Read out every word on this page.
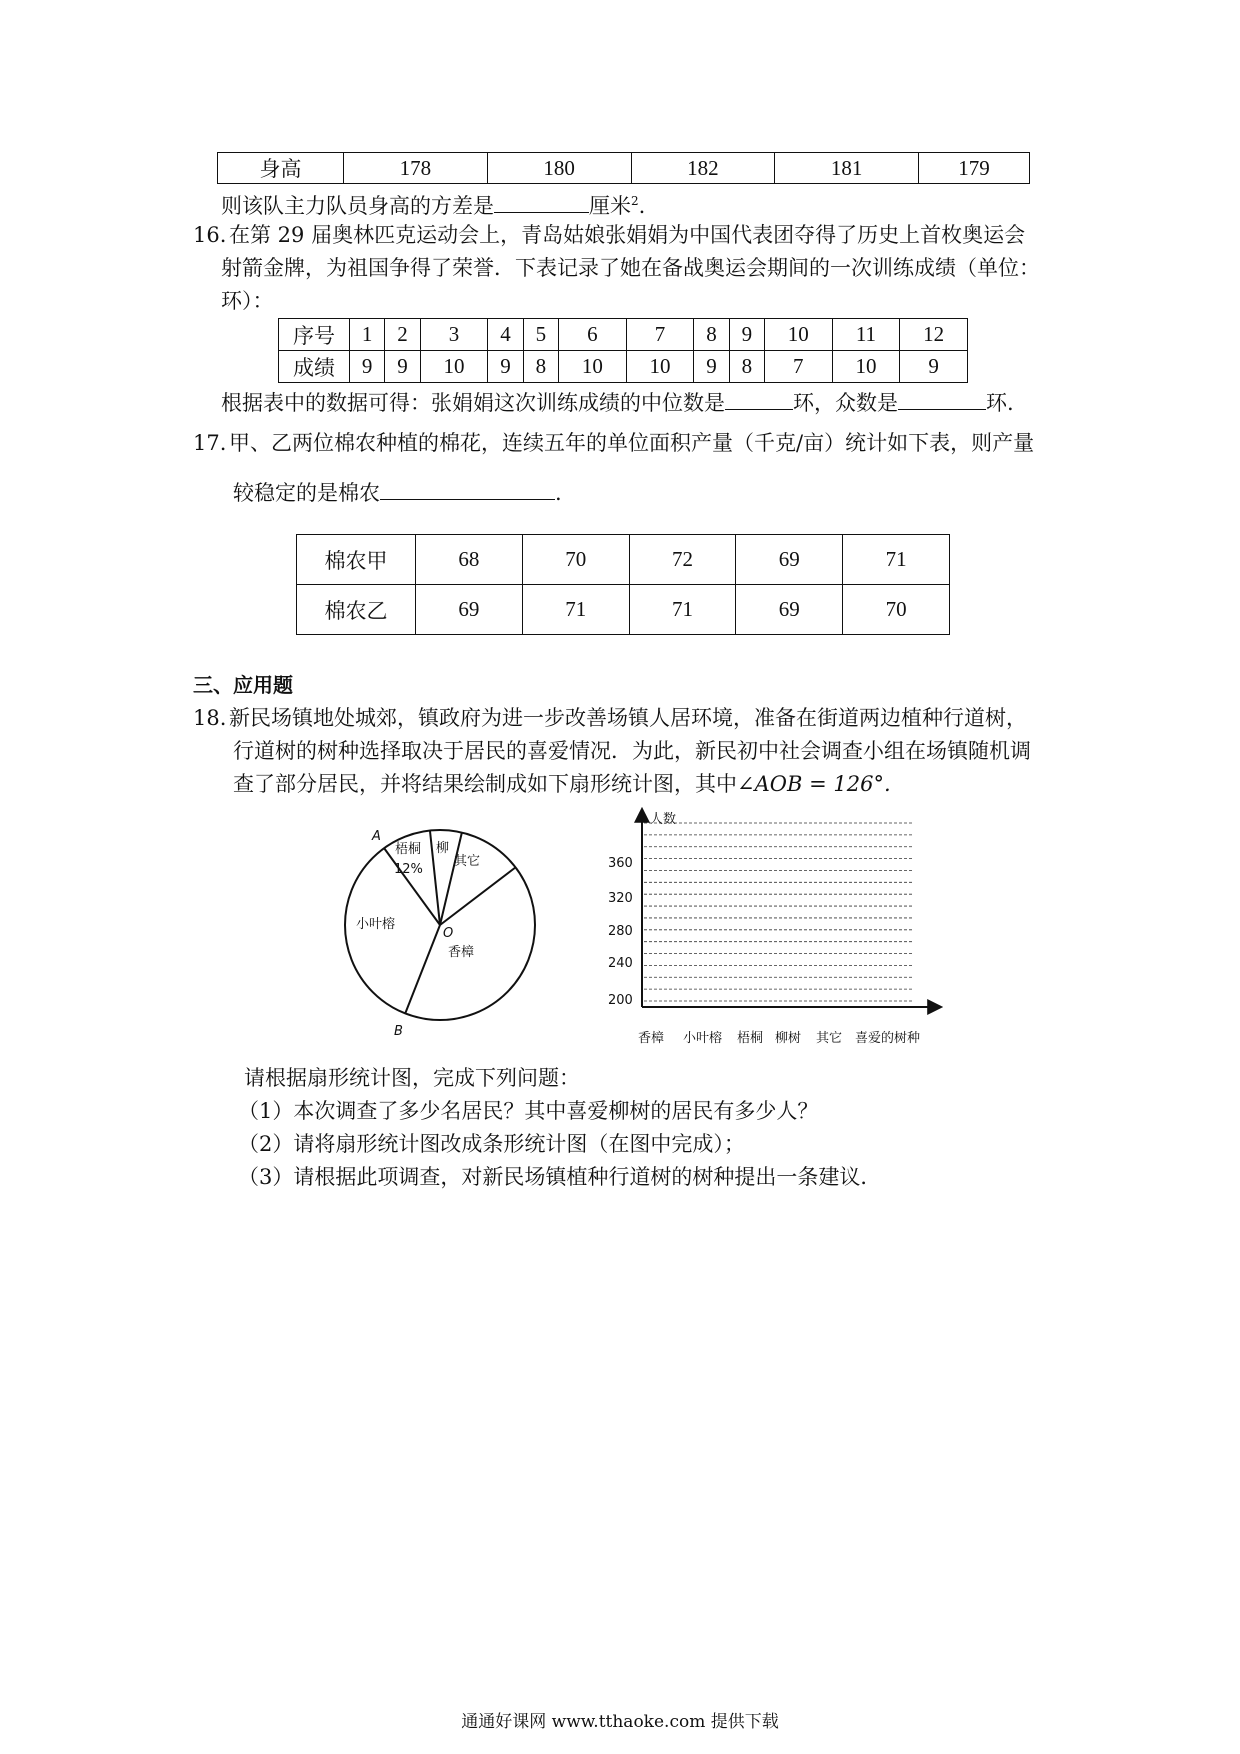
身高	178	180	182	181	179
则该队主力队员身高的方差是	厘米$^2$.
16. 在第 29 届奥林匹克运动会上，青岛姑娘张娟娟为中国代表团夺得了历史上首枚奥运会
射箭金牌，为祖国争得了荣誉．下表记录了她在备战奥运会期间的一次训练成绩（单位：
环）：
序号	1	2	3	4	5	6	7	8	9	10	11	12
成绩	9	9	10	9	8	10	10	9	8	7	10	9
根据表中的数据可得：张娟娟这次训练成绩的中位数是	环，众数是	环.
17. 甲、乙两位棉农种植的棉花，连续五年的单位面积产量（千克/亩）统计如下表，则产量
较稳定的是棉农	.
棉农甲	68	70	72	69	71
棉农乙	69	71	71	69	70
三、应用题
18. 新民场镇地处城郊，镇政府为进一步改善场镇人居环境，准备在街道两边植种行道树，
行道树的树种选择取决于居民的喜爱情况．为此，新民初中社会调查小组在场镇随机调
查了部分居民，并将结果绘制成如下扇形统计图，其中∠AOB = 126°.
梧桐 柳
其它
香樟
小叶榕
12%
A
B
O
人数
200
240
280
320
360
香樟 小叶榕 梧桐 柳树 其它 喜爱的树种
请根据扇形统计图，完成下列问题：
（1）本次调查了多少名居民？其中喜爱柳树的居民有多少人？
（2）请将扇形统计图改成条形统计图（在图中完成）；
（3）请根据此项调查，对新民场镇植种行道树的树种提出一条建议．
通通好课网 www.tthaoke.com 提供下载
